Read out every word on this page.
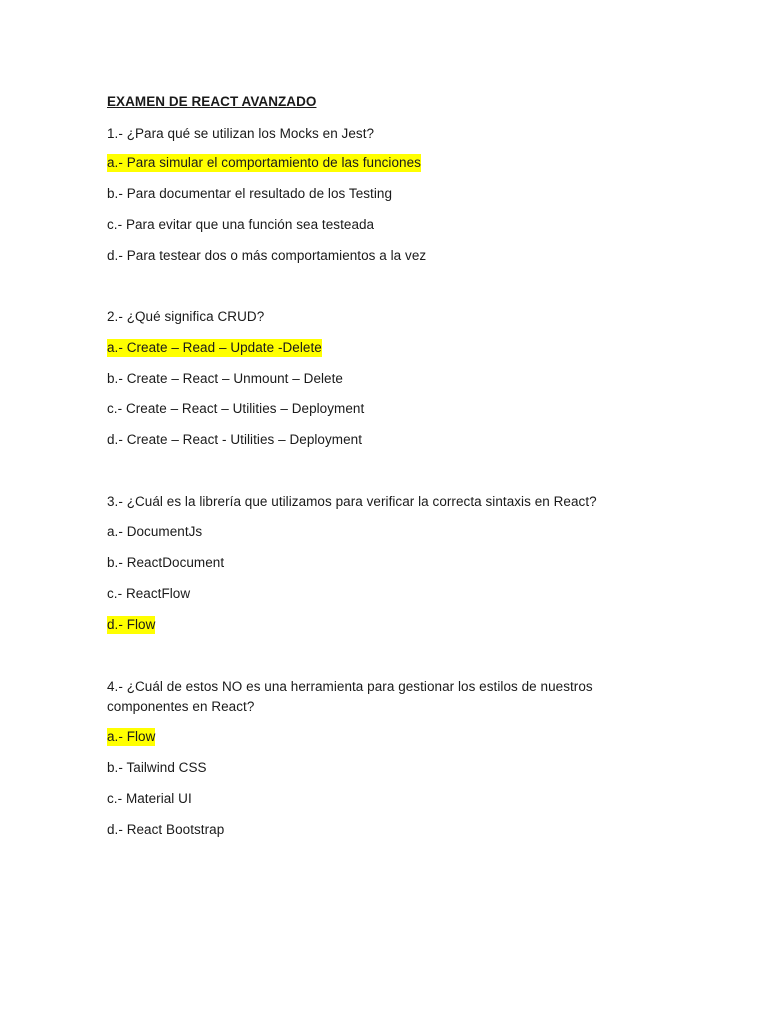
EXAMEN DE REACT AVANZADO

1.- ¿Para qué se utilizan los Mocks en Jest?

a.- Para simular el comportamiento de las funciones

b.- Para documentar el resultado de los Testing

c.- Para evitar que una función sea testeada

d.- Para testear dos o más comportamientos a la vez

2.- ¿Qué significa CRUD?

a.- Create – Read – Update -Delete

b.- Create – React – Unmount – Delete

c.- Create – React – Utilities – Deployment

d.- Create – React - Utilities – Deployment

3.- ¿Cuál es la librería que utilizamos para verificar la correcta sintaxis en React?

a.- DocumentJs

b.- ReactDocument

c.- ReactFlow

d.- Flow

4.- ¿Cuál de estos NO es una herramienta para gestionar los estilos de nuestros componentes en React?

a.- Flow

b.- Tailwind CSS

c.- Material UI

d.- React Bootstrap
